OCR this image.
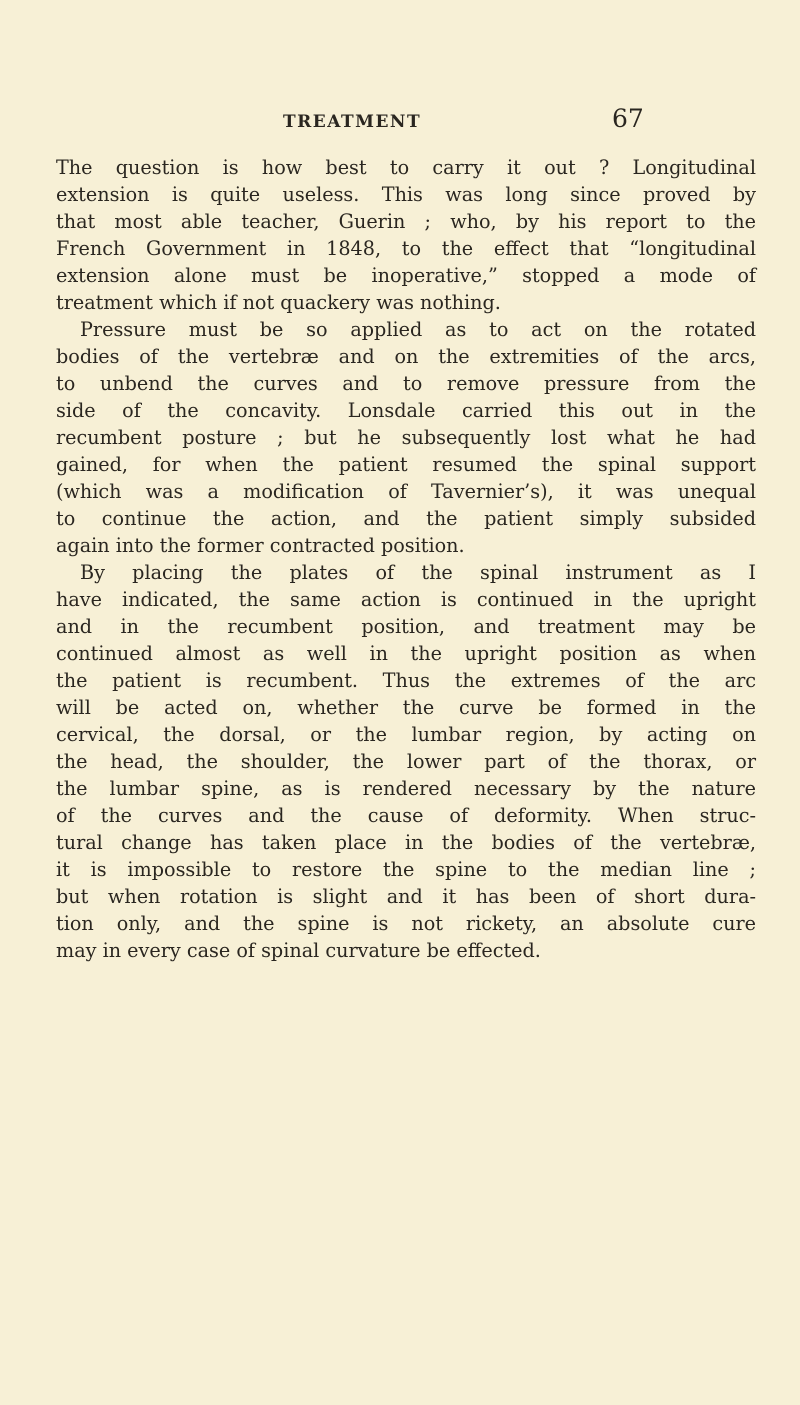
TREATMENT	67
The question is how best to carry it out ? Longitudinal
extension is quite useless. This was long since proved by
that most able teacher, Guerin ; who, by his report to the
French Government in 1848, to the effect that “longitudinal
extension alone must be inoperative,” stopped a mode of
treatment which if not quackery was nothing.
Pressure must be so applied as to act on the rotated
bodies of the vertebræ and on the extremities of the arcs,
to unbend the curves and to remove pressure from the
side of the concavity. Lonsdale carried this out in the
recumbent posture ; but he subsequently lost what he had
gained, for when the patient resumed the spinal support
(which was a modification of Tavernier’s), it was unequal
to continue the action, and the patient simply subsided
again into the former contracted position.
By placing the plates of the spinal instrument as I
have indicated, the same action is continued in the upright
and in the recumbent position, and treatment may be
continued almost as well in the upright position as when
the patient is recumbent. Thus the extremes of the arc
will be acted on, whether the curve be formed in the
cervical, the dorsal, or the lumbar region, by acting on
the head, the shoulder, the lower part of the thorax, or
the lumbar spine, as is rendered necessary by the nature
of the curves and the cause of deformity. When struc-
tural change has taken place in the bodies of the vertebræ,
it is impossible to restore the spine to the median line ;
but when rotation is slight and it has been of short dura-
tion only, and the spine is not rickety, an absolute cure
may in every case of spinal curvature be effected.
